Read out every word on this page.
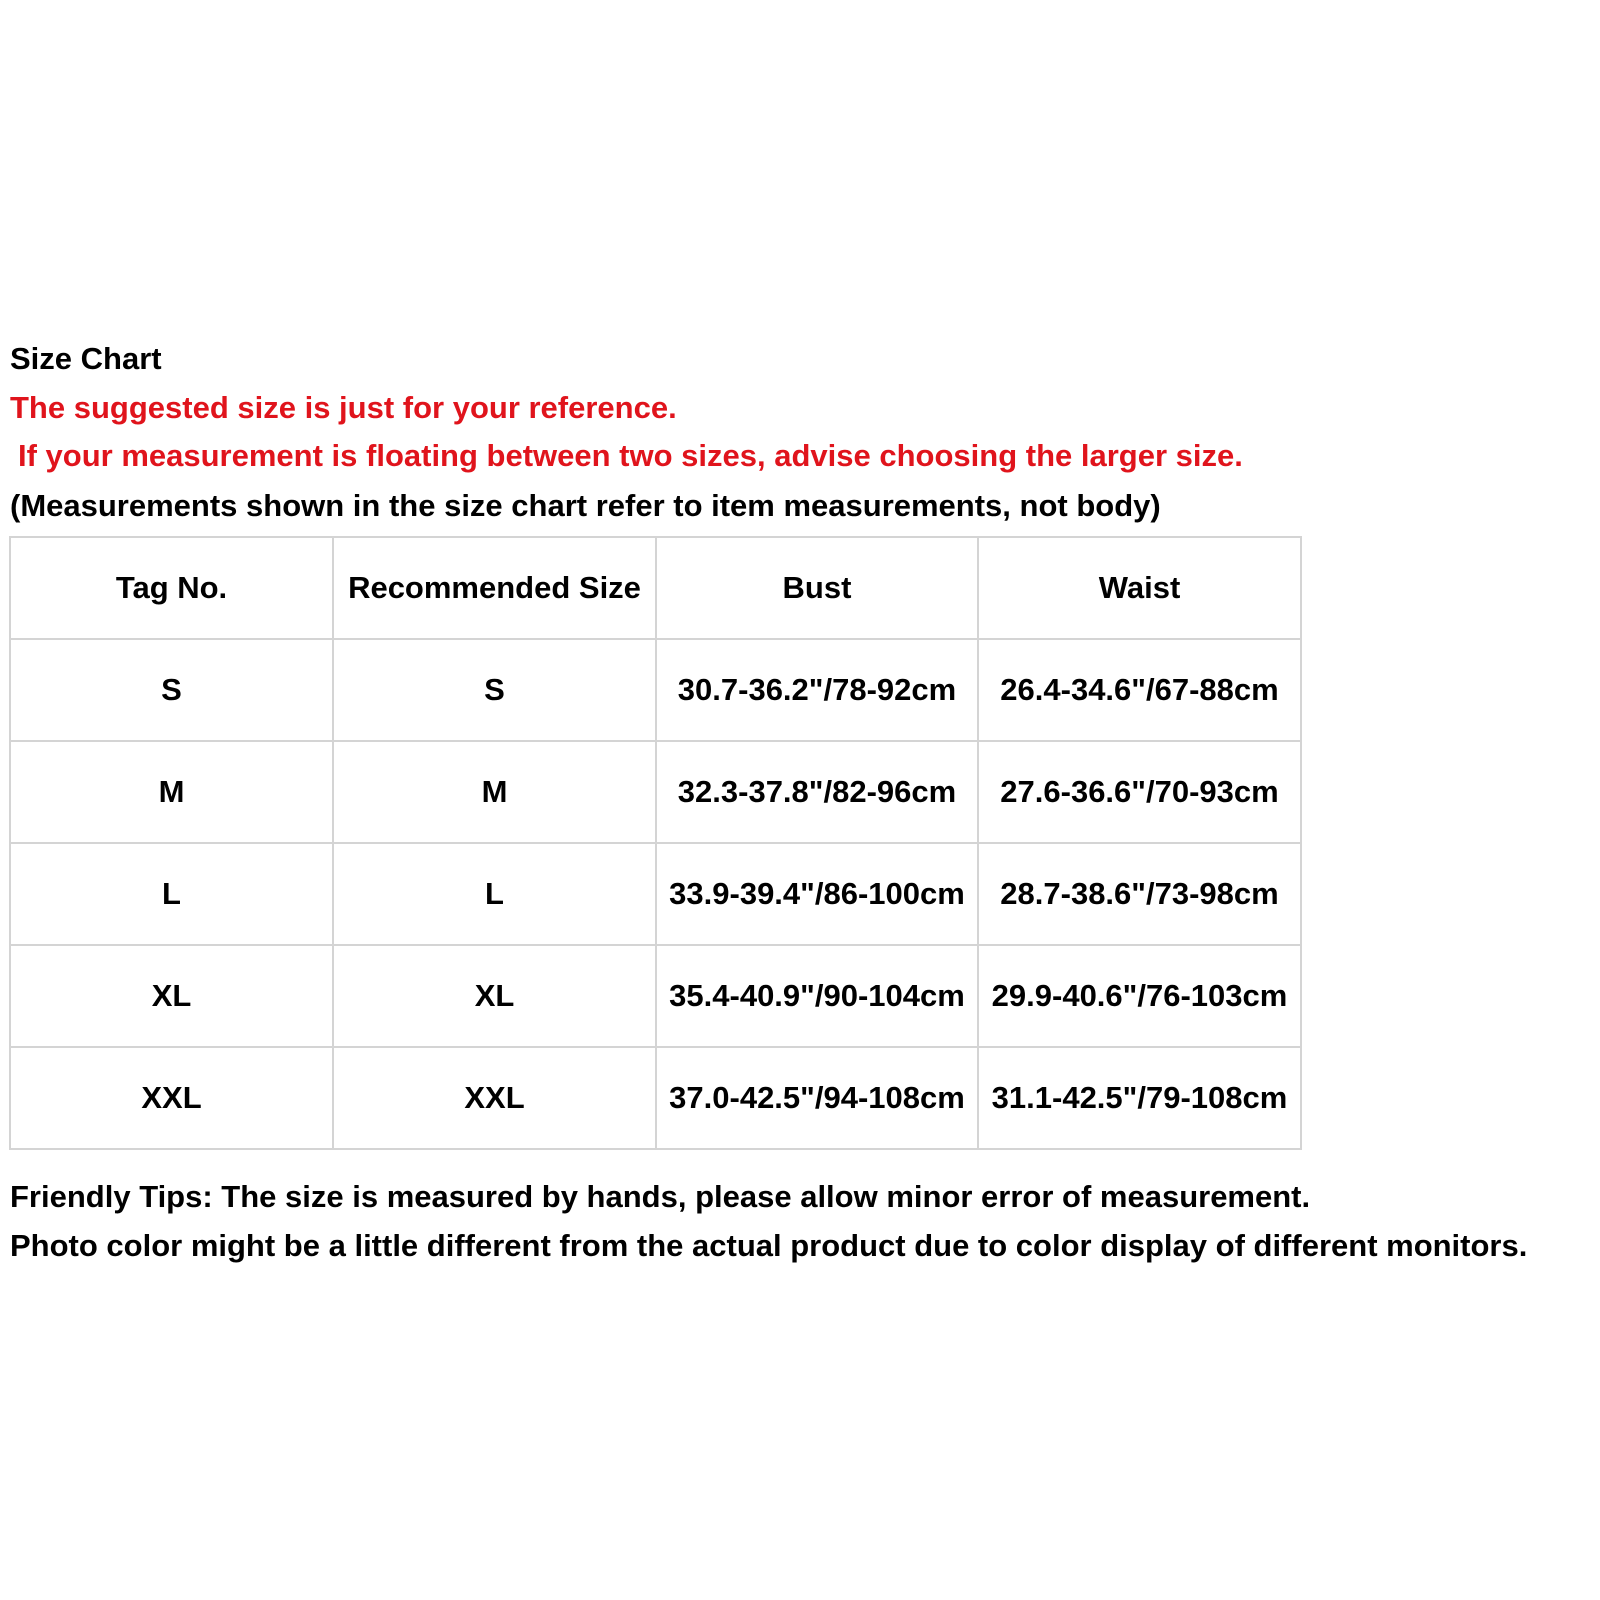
Size Chart
The suggested size is just for your reference.
If your measurement is floating between two sizes, advise choosing the larger size.
(Measurements shown in the size chart refer to item measurements, not body)
Tag No.	Recommended Size	Bust	Waist
S	S	30.7-36.2"/78-92cm	26.4-34.6"/67-88cm
M	M	32.3-37.8"/82-96cm	27.6-36.6"/70-93cm
L	L	33.9-39.4"/86-100cm	28.7-38.6"/73-98cm
XL	XL	35.4-40.9"/90-104cm	29.9-40.6"/76-103cm
XXL	XXL	37.0-42.5"/94-108cm	31.1-42.5"/79-108cm
Friendly Tips: The size is measured by hands, please allow minor error of measurement.
Photo color might be a little different from the actual product due to color display of different monitors.
